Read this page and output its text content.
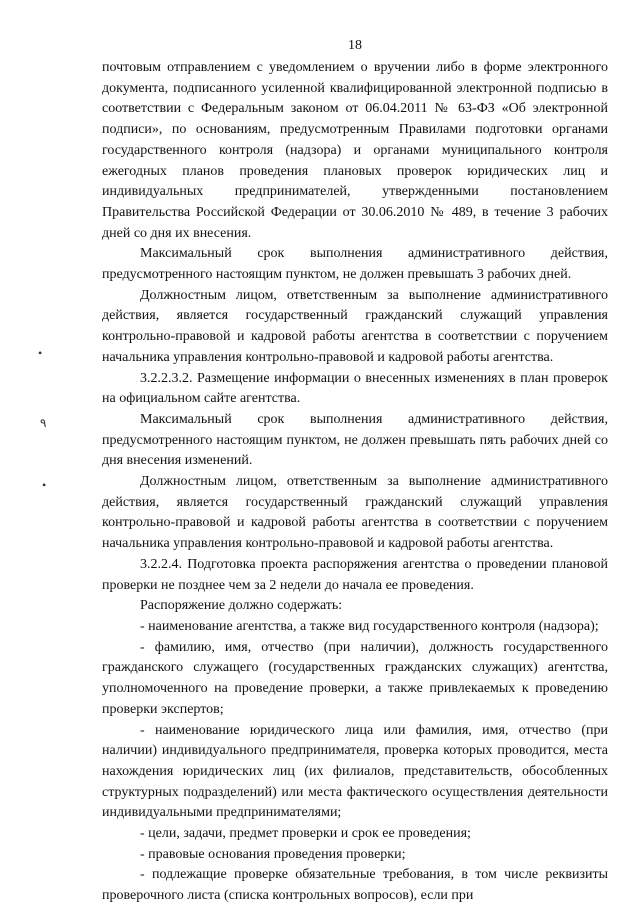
18
•
٩
•

почтовым отправлением с уведомлением о вручении либо в форме электронного документа, подписанного усиленной квалифицированной электронной подписью в соответствии с Федеральным законом от 06.04.2011 № 63-ФЗ «Об электронной подписи», по основаниям, предусмотренным Правилами подготовки органами государственного контроля (надзора) и органами муниципального контроля ежегодных планов проведения плановых проверок юридических лиц и индивидуальных предпринимателей, утвержденными постановлением Правительства Российской Федерации от 30.06.2010 № 489, в течение 3 рабочих дней со дня их внесения.

Максимальный срок выполнения административного действия, предусмотренного настоящим пунктом, не должен превышать 3 рабочих дней.

Должностным лицом, ответственным за выполнение административного действия, является государственный гражданский служащий управления контрольно-правовой и кадровой работы агентства в соответствии с поручением начальника управления контрольно-правовой и кадровой работы агентства.

3.2.2.3.2. Размещение информации о внесенных изменениях в план проверок на официальном сайте агентства.

Максимальный срок выполнения административного действия, предусмотренного настоящим пунктом, не должен превышать пять рабочих дней со дня внесения изменений.

Должностным лицом, ответственным за выполнение административного действия, является государственный гражданский служащий управления контрольно-правовой и кадровой работы агентства в соответствии с поручением начальника управления контрольно-правовой и кадровой работы агентства.

3.2.2.4. Подготовка проекта распоряжения агентства о проведении плановой проверки не позднее чем за 2 недели до начала ее проведения.

Распоряжение должно содержать:

- наименование агентства, а также вид государственного контроля (надзора);

- фамилию, имя, отчество (при наличии), должность государственного гражданского служащего (государственных гражданских служащих) агентства, уполномоченного на проведение проверки, а также привлекаемых к проведению проверки экспертов;

- наименование юридического лица или фамилия, имя, отчество (при наличии) индивидуального предпринимателя, проверка которых проводится, места нахождения юридических лиц (их филиалов, представительств, обособленных структурных подразделений) или места фактического осуществления деятельности индивидуальными предпринимателями;

- цели, задачи, предмет проверки и срок ее проведения;

- правовые основания проведения проверки;

- подлежащие проверке обязательные требования, в том числе реквизиты проверочного листа (списка контрольных вопросов), если при
